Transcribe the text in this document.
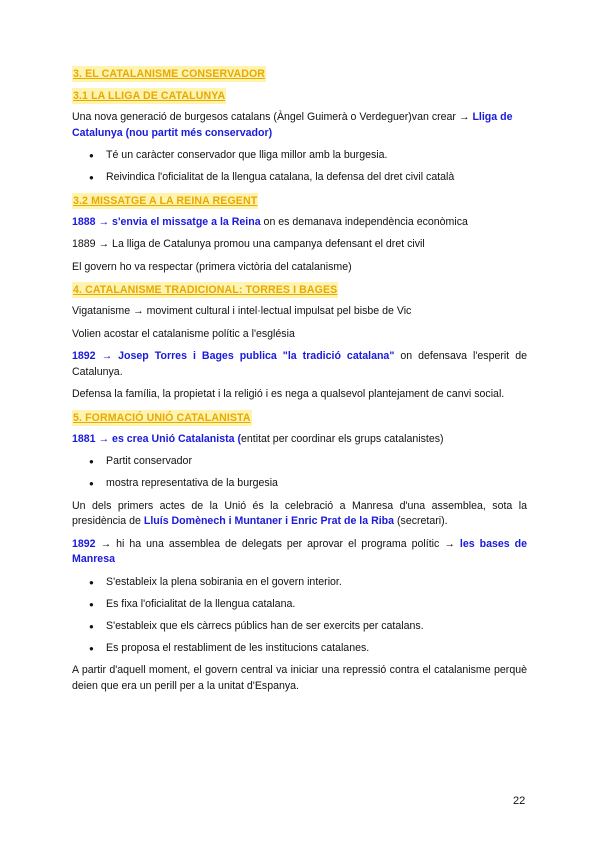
3. EL CATALANISME CONSERVADOR
3.1 LA LLIGA DE CATALUNYA

Una nova generació de burgesos catalans (Àngel Guimerà o Verdeguer)van crear → Lliga de Catalunya (nou partit més conservador)

● Té un caràcter conservador que lliga millor amb la burgesia.
● Reivindica l'oficialitat de la llengua catalana, la defensa del dret civil català
3.2 MISSATGE A LA REINA REGENT

1888 → s'envia el missatge a la Reina on es demanava independència econòmica

1889 → La lliga de Catalunya promou una campanya defensant el dret civil

El govern ho va respectar (primera victòria del catalanisme)

4. CATALANISME TRADICIONAL: TORRES I BAGES

Vigatanisme → moviment cultural i intel·lectual impulsat pel bisbe de Vic

Volien acostar el catalanisme polític a l'església

1892 → Josep Torres i Bages publica "la tradició catalana" on defensava l'esperit de Catalunya.

Defensa la família, la propietat i la religió i es nega a qualsevol plantejament de canvi social.

5. FORMACIÓ UNIÓ CATALANISTA

1881 → es crea Unió Catalanista (entitat per coordinar els grups catalanistes)

● Partit conservador
● mostra representativa de la burgesia

Un dels primers actes de la Unió és la celebració a Manresa d'una assemblea, sota la presidència de Lluís Domènech i Muntaner i Enric Prat de la Riba (secretari).

1892 → hi ha una assemblea de delegats per aprovar el programa polític → les bases de Manresa

● S'estableix la plena sobirania en el govern interior.
● Es fixa l'oficialitat de la llengua catalana.
● S'estableix que els càrrecs públics han de ser exercits per catalans.
● Es proposa el restabliment de les institucions catalanes.

A partir d'aquell moment, el govern central va iniciar una repressió contra el catalanisme perquè deien que era un perill per a la unitat d'Espanya.

22
